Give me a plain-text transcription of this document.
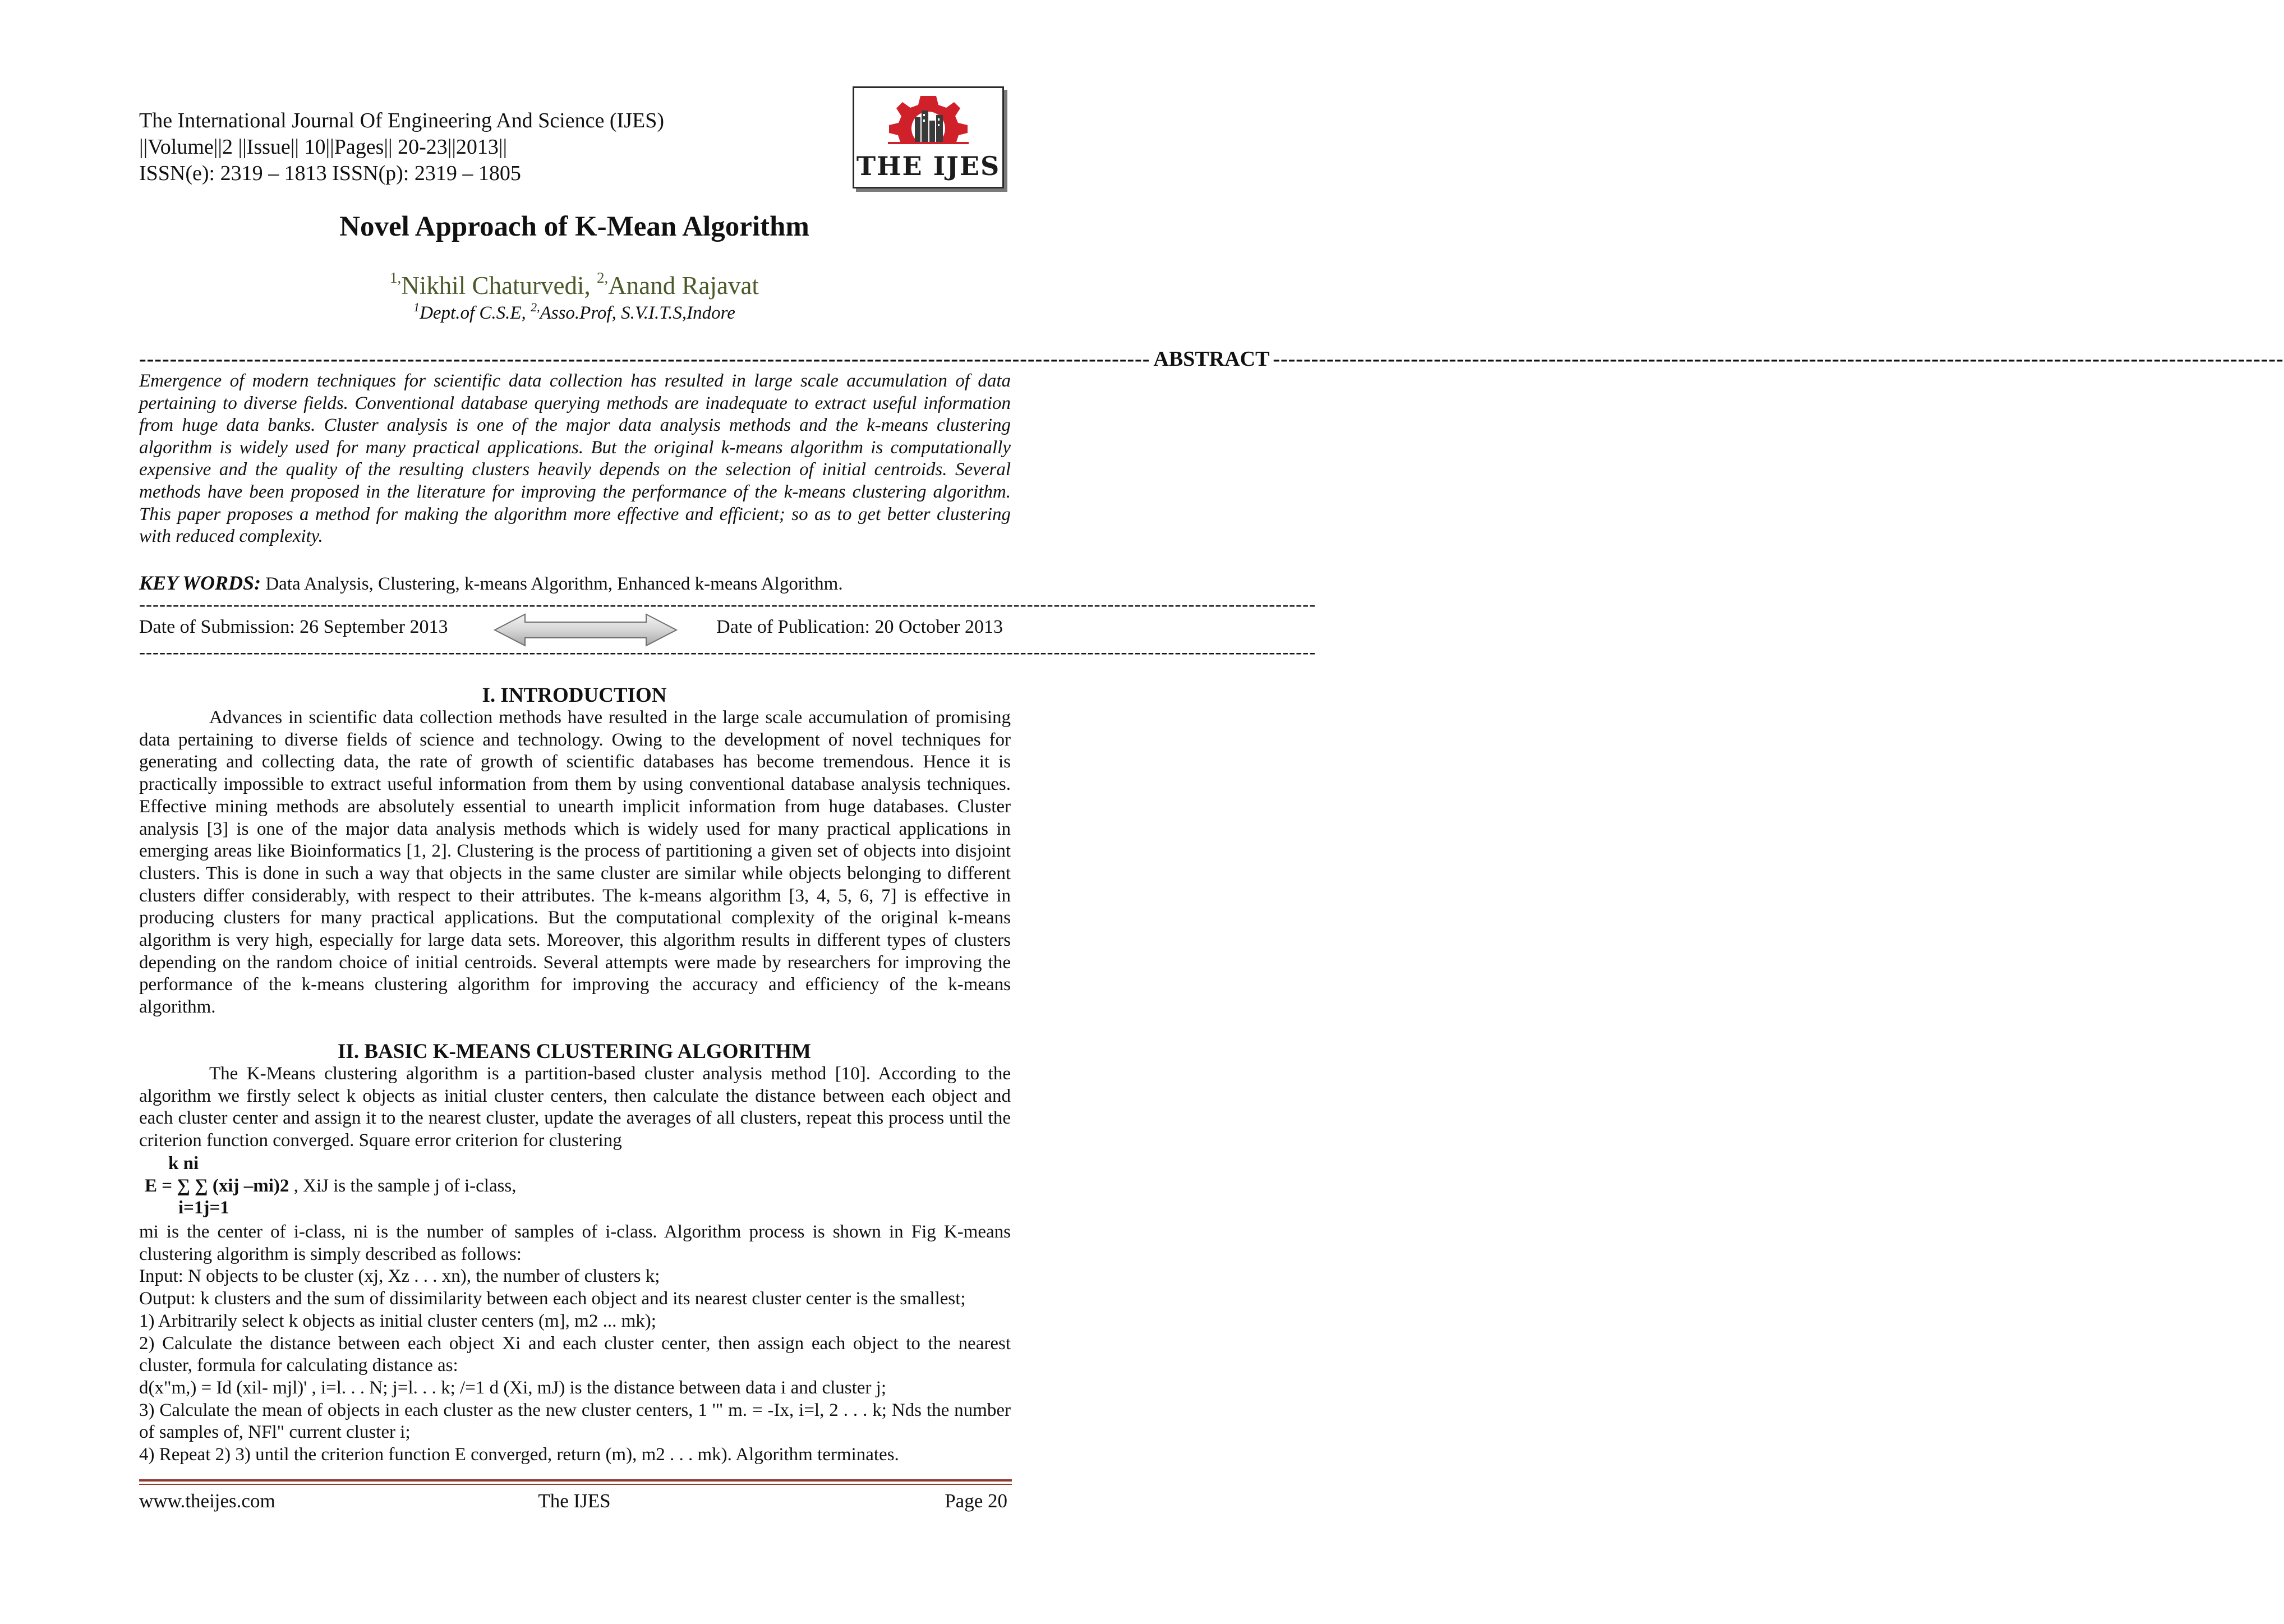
The International Journal Of Engineering And Science (IJES)
||Volume||2 ||Issue|| 10||Pages|| 20-23||2013||
ISSN(e): 2319 – 1813 ISSN(p): 2319 – 1805	THE IJES
Novel Approach of K-Mean Algorithm
$^{1,}$Nikhil Chaturvedi, $^{2,}$Anand Rajavat
$^1$Dept.of C.S.E, $^{2,}$Asso.Prof, S.V.I.T.S,Indore
------------------------------------------------------------------------------------------------------------------------------------ ABSTRACT ------------------------------------------------------------------------------------------------------------------------------------
Emergence of modern techniques for scientific data collection has resulted in large scale accumulation of data pertaining to diverse fields. Conventional database querying methods are inadequate to extract useful information from huge data banks. Cluster analysis is one of the major data analysis methods and the k-means clustering algorithm is widely used for many practical applications. But the original k-means algorithm is computationally expensive and the quality of the resulting clusters heavily depends on the selection of initial centroids. Several methods have been proposed in the literature for improving the performance of the k-means clustering algorithm. This paper proposes a method for making the algorithm more effective and efficient; so as to get better clustering with reduced complexity.
KEY WORDS: Data Analysis, Clustering, k-means Algorithm, Enhanced k-means Algorithm.
-------------------------------------------------------------------------------------------------------------------------------------------------------------------------------
Date of Submission: 26 September 2013	Date of Publication: 20 October 2013
-------------------------------------------------------------------------------------------------------------------------------------------------------------------------------
I. INTRODUCTION

Advances in scientific data collection methods have resulted in the large scale accumulation of promising data pertaining to diverse fields of science and technology. Owing to the development of novel techniques for generating and collecting data, the rate of growth of scientific databases has become tremendous. Hence it is practically impossible to extract useful information from them by using conventional database analysis techniques. Effective mining methods are absolutely essential to unearth implicit information from huge databases. Cluster analysis [3] is one of the major data analysis methods which is widely used for many practical applications in emerging areas like Bioinformatics [1, 2]. Clustering is the process of partitioning a given set of objects into disjoint clusters. This is done in such a way that objects in the same cluster are similar while objects belonging to different clusters differ considerably, with respect to their attributes. The k-means algorithm [3, 4, 5, 6, 7] is effective in producing clusters for many practical applications. But the computational complexity of the original k-means algorithm is very high, especially for large data sets. Moreover, this algorithm results in different types of clusters depending on the random choice of initial centroids. Several attempts were made by researchers for improving the performance of the k-means clustering algorithm for improving the accuracy and efficiency of the k-means algorithm.

II. BASIC K-MEANS CLUSTERING ALGORITHM

The K-Means clustering algorithm is a partition-based cluster analysis method [10]. According to the algorithm we firstly select k objects as initial cluster centers, then calculate the distance between each object and each cluster center and assign it to the nearest cluster, update the averages of all clusters, repeat this process until the criterion function converged. Square error criterion for clustering

k ni
E = ∑ ∑ (xij –mi)2 , XiJ is the sample j of i-class,
i=1j=1

mi is the center of i-class, ni is the number of samples of i-class. Algorithm process is shown in Fig K-means clustering algorithm is simply described as follows:

Input: N objects to be cluster (xj, Xz . . . xn), the number of clusters k;

Output: k clusters and the sum of dissimilarity between each object and its nearest cluster center is the smallest;

1) Arbitrarily select k objects as initial cluster centers (m], m2 ... mk);

2) Calculate the distance between each object Xi and each cluster center, then assign each object to the nearest cluster, formula for calculating distance as:

d(x"m,) = Id (xil- mjl)' , i=l. . . N; j=l. . . k; /=1 d (Xi, mJ) is the distance between data i and cluster j;

3) Calculate the mean of objects in each cluster as the new cluster centers, 1 '" m. = -Ix, i=l, 2 . . . k; Nds the number of samples of, NFl" current cluster i;

4) Repeat 2) 3) until the criterion function E converged, return (m), m2 . . . mk). Algorithm terminates.

www.theijes.com	The IJES	Page 20
